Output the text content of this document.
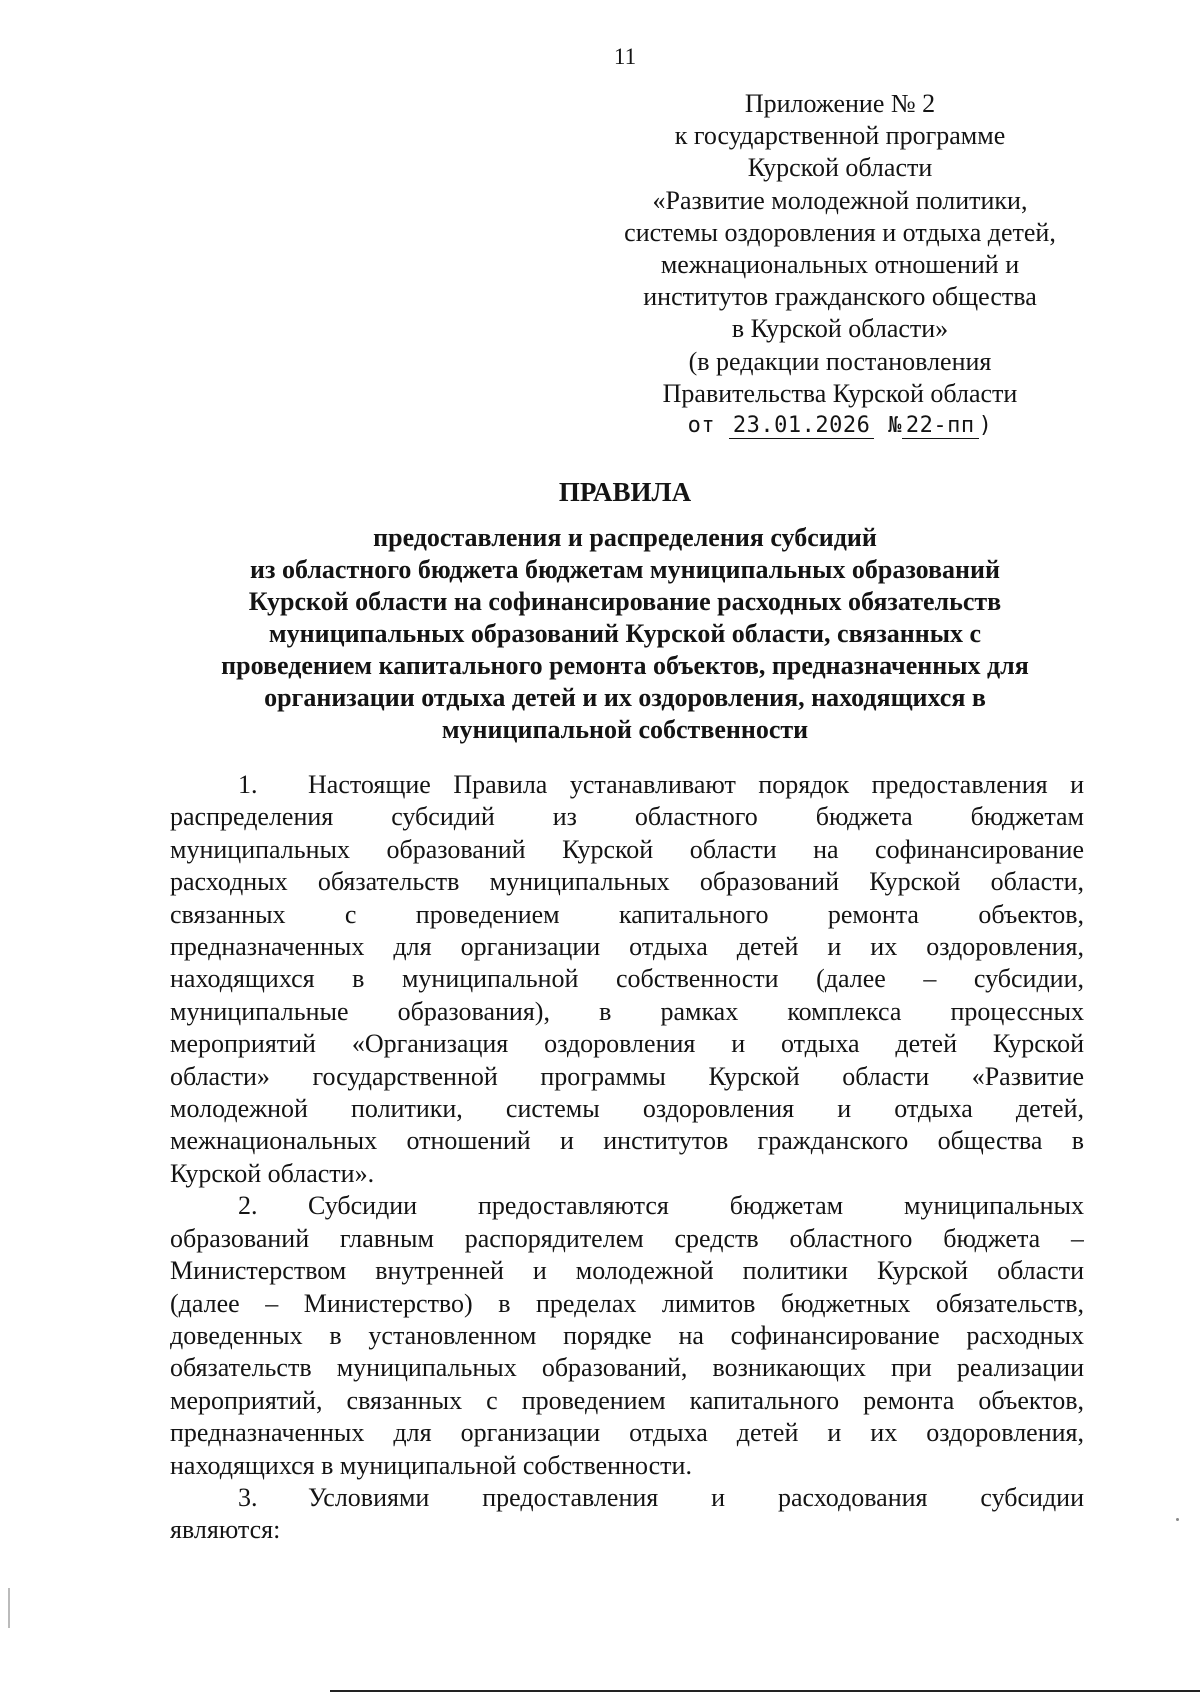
11
Приложение № 2
к государственной программе
Курской области
«Развитие молодежной политики,
системы оздоровления и отдыха детей,
межнациональных отношений и
институтов гражданского общества
в Курской области»
(в редакции постановления
Правительства Курской области
от 23.01.2026 № 22-пп )
ПРАВИЛА
предоставления и распределения субсидий
из областного бюджета бюджетам муниципальных образований
Курской области на софинансирование расходных обязательств
муниципальных образований Курской области, связанных с
проведением капитального ремонта объектов, предназначенных для
организации отдыха детей и их оздоровления, находящихся в
муниципальной собственности
1. Настоящие Правила устанавливают порядок предоставления и
распределения субсидий из областного бюджета бюджетам
муниципальных образований Курской области на софинансирование
расходных обязательств муниципальных образований Курской области,
связанных с проведением капитального ремонта объектов,
предназначенных для организации отдыха детей и их оздоровления,
находящихся в муниципальной собственности (далее – субсидии,
муниципальные образования), в рамках комплекса процессных
мероприятий «Организация оздоровления и отдыха детей Курской
области» государственной программы Курской области «Развитие
молодежной политики, системы оздоровления и отдыха детей,
межнациональных отношений и институтов гражданского общества в
Курской области».
2. Субсидии предоставляются бюджетам муниципальных
образований главным распорядителем средств областного бюджета –
Министерством внутренней и молодежной политики Курской области
(далее – Министерство) в пределах лимитов бюджетных обязательств,
доведенных в установленном порядке на софинансирование расходных
обязательств муниципальных образований, возникающих при реализации
мероприятий, связанных с проведением капитального ремонта объектов,
предназначенных для организации отдыха детей и их оздоровления,
находящихся в муниципальной собственности.
3. Условиями предоставления и расходования субсидии
являются:
